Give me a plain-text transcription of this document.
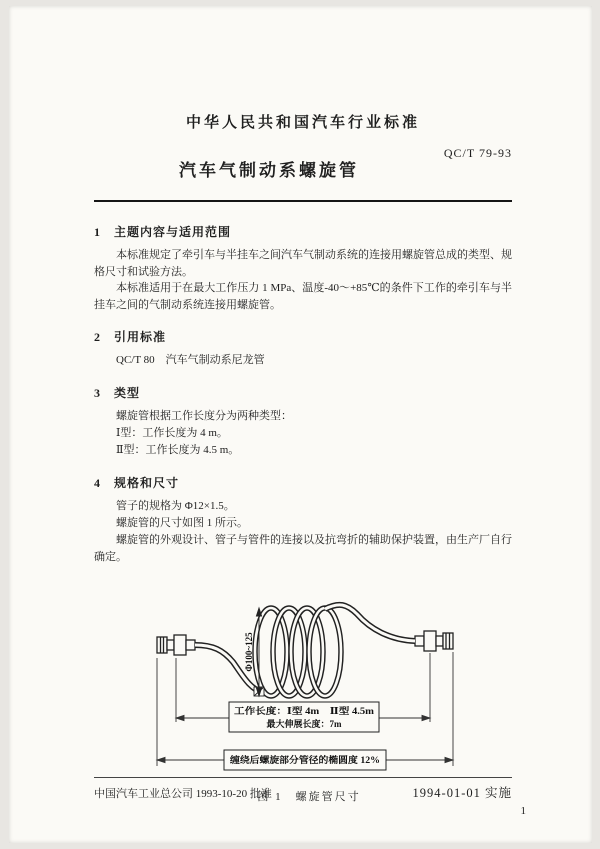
中华人民共和国汽车行业标准
QC/T 79-93
汽车气制动系螺旋管
1　主题内容与适用范围

本标准规定了牵引车与半挂车之间汽车气制动系统的连接用螺旋管总成的类型、规格尺寸和试验方法。

本标准适用于在最大工作压力 1 MPa、温度-40～+85℃的条件下工作的牵引车与半挂车之间的气制动系统连接用螺旋管。

2　引用标准

QC/T 80　汽车气制动系尼龙管

3　类型

螺旋管根据工作长度分为两种类型：

Ⅰ型：工作长度为 4 m。

Ⅱ型：工作长度为 4.5 m。

4　规格和尺寸

管子的规格为 Φ12×1.5。

螺旋管的尺寸如图 1 所示。

螺旋管的外观设计、管子与管件的连接以及抗弯折的辅助保护装置，由生产厂自行确定。

Φ100~125
工作长度：Ⅰ型 4m　Ⅱ型 4.5m
最大伸展长度：7m
缠绕后螺旋部分管径的椭圆度 12%
图 1　螺旋管尺寸
中国汽车工业总公司 1993-10-20 批准	1994-01-01 实施
1
